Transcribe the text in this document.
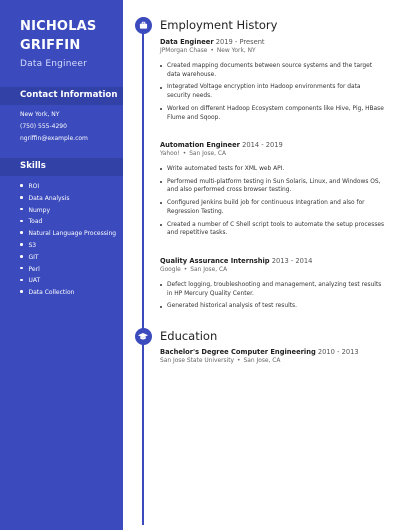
NICHOLAS
GRIFFIN
Data Engineer
Contact Information
New York, NY
(750) 555-4290
ngriffin@example.com
Skills
ROI
Data Analysis
Numpy
Toad
Natural Language Processing
S3
GIT
Perl
UAT
Data Collection
Employment History
Data Engineer 2019 - Present
JPMorgan Chase • New York, NY
Created mapping documents between source systems and the target data warehouse.
Integrated Voltage encryption into Hadoop environments for data security needs.
Worked on different Hadoop Ecosystem components like Hive, Pig, HBase Flume and Sqoop.
Automation Engineer 2014 - 2019
Yahoo! • San Jose, CA
Write automated tests for XML web API.
Performed multi-platform testing in Sun Solaris, Linux, and Windows OS, and also performed cross browser testing.
Configured Jenkins build job for continuous Integration and also for Regression Testing.
Created a number of C Shell script tools to automate the setup processes and repetitive tasks.
Quality Assurance Internship 2013 - 2014
Google • San Jose, CA
Defect logging, troubleshooting and management, analyzing test results in HP Mercury Quality Center.
Generated historical analysis of test results.
Education
Bachelor's Degree Computer Engineering 2010 - 2013
San Jose State University • San Jose, CA
